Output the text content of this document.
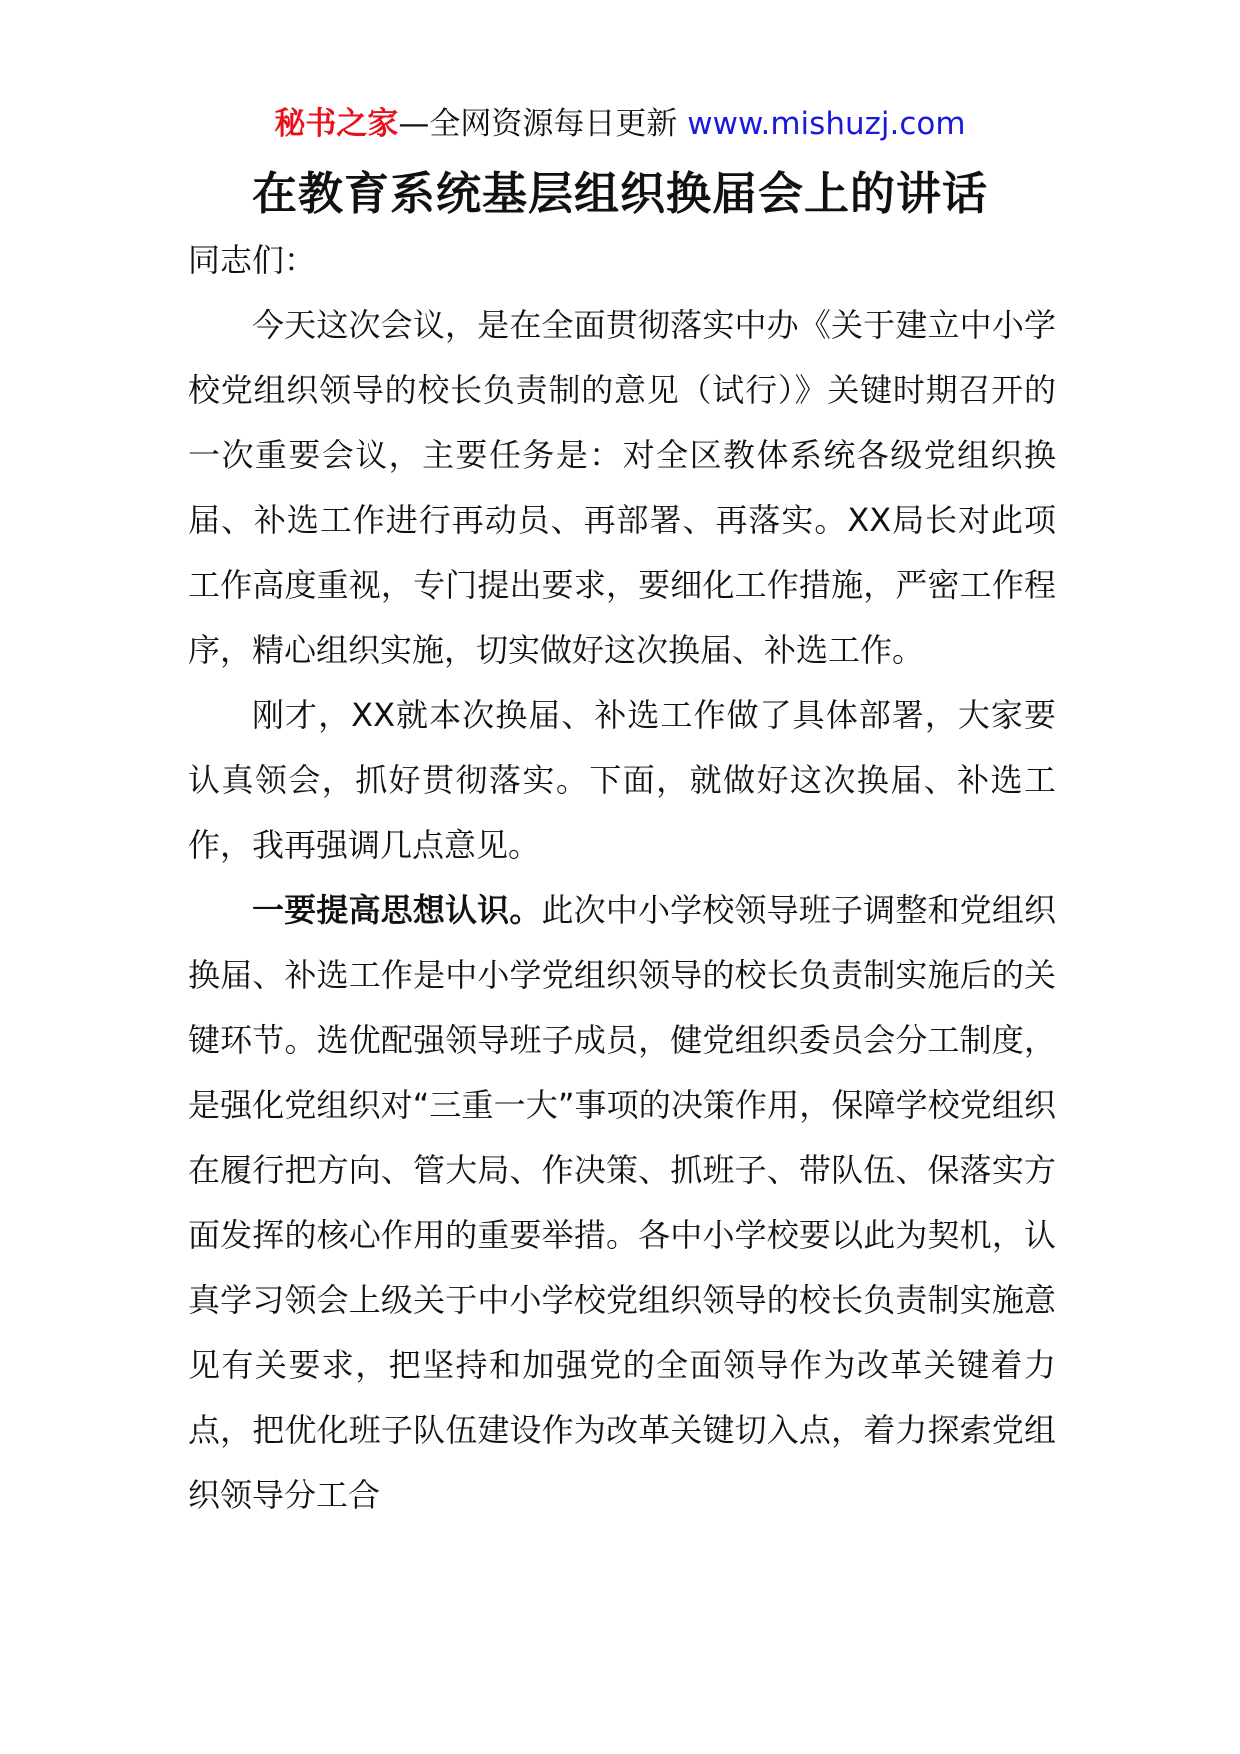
秘书之家—全网资源每日更新 www.mishuzj.com
在教育系统基层组织换届会上的讲话

同志们：

今天这次会议，是在全面贯彻落实中办《关于建立中小学校党组织领导的校长负责制的意见（试行）》关键时期召开的一次重要会议，主要任务是：对全区教体系统各级党组织换届、补选工作进行再动员、再部署、再落实。XX局长对此项工作高度重视，专门提出要求，要细化工作措施，严密工作程序，精心组织实施，切实做好这次换届、补选工作。

刚才，XX就本次换届、补选工作做了具体部署，大家要认真领会，抓好贯彻落实。下面，就做好这次换届、补选工作，我再强调几点意见。

一要提高思想认识。此次中小学校领导班子调整和党组织换届、补选工作是中小学党组织领导的校长负责制实施后的关键环节。选优配强领导班子成员，健党组织委员会分工制度，是强化党组织对“三重一大”事项的决策作用，保障学校党组织在履行把方向、管大局、作决策、抓班子、带队伍、保落实方面发挥的核心作用的重要举措。各中小学校要以此为契机，认真学习领会上级关于中小学校党组织领导的校长负责制实施意见有关要求，把坚持和加强党的全面领导作为改革关键着力点，把优化班子队伍建设作为改革关键切入点，着力探索党组织领导分工合
